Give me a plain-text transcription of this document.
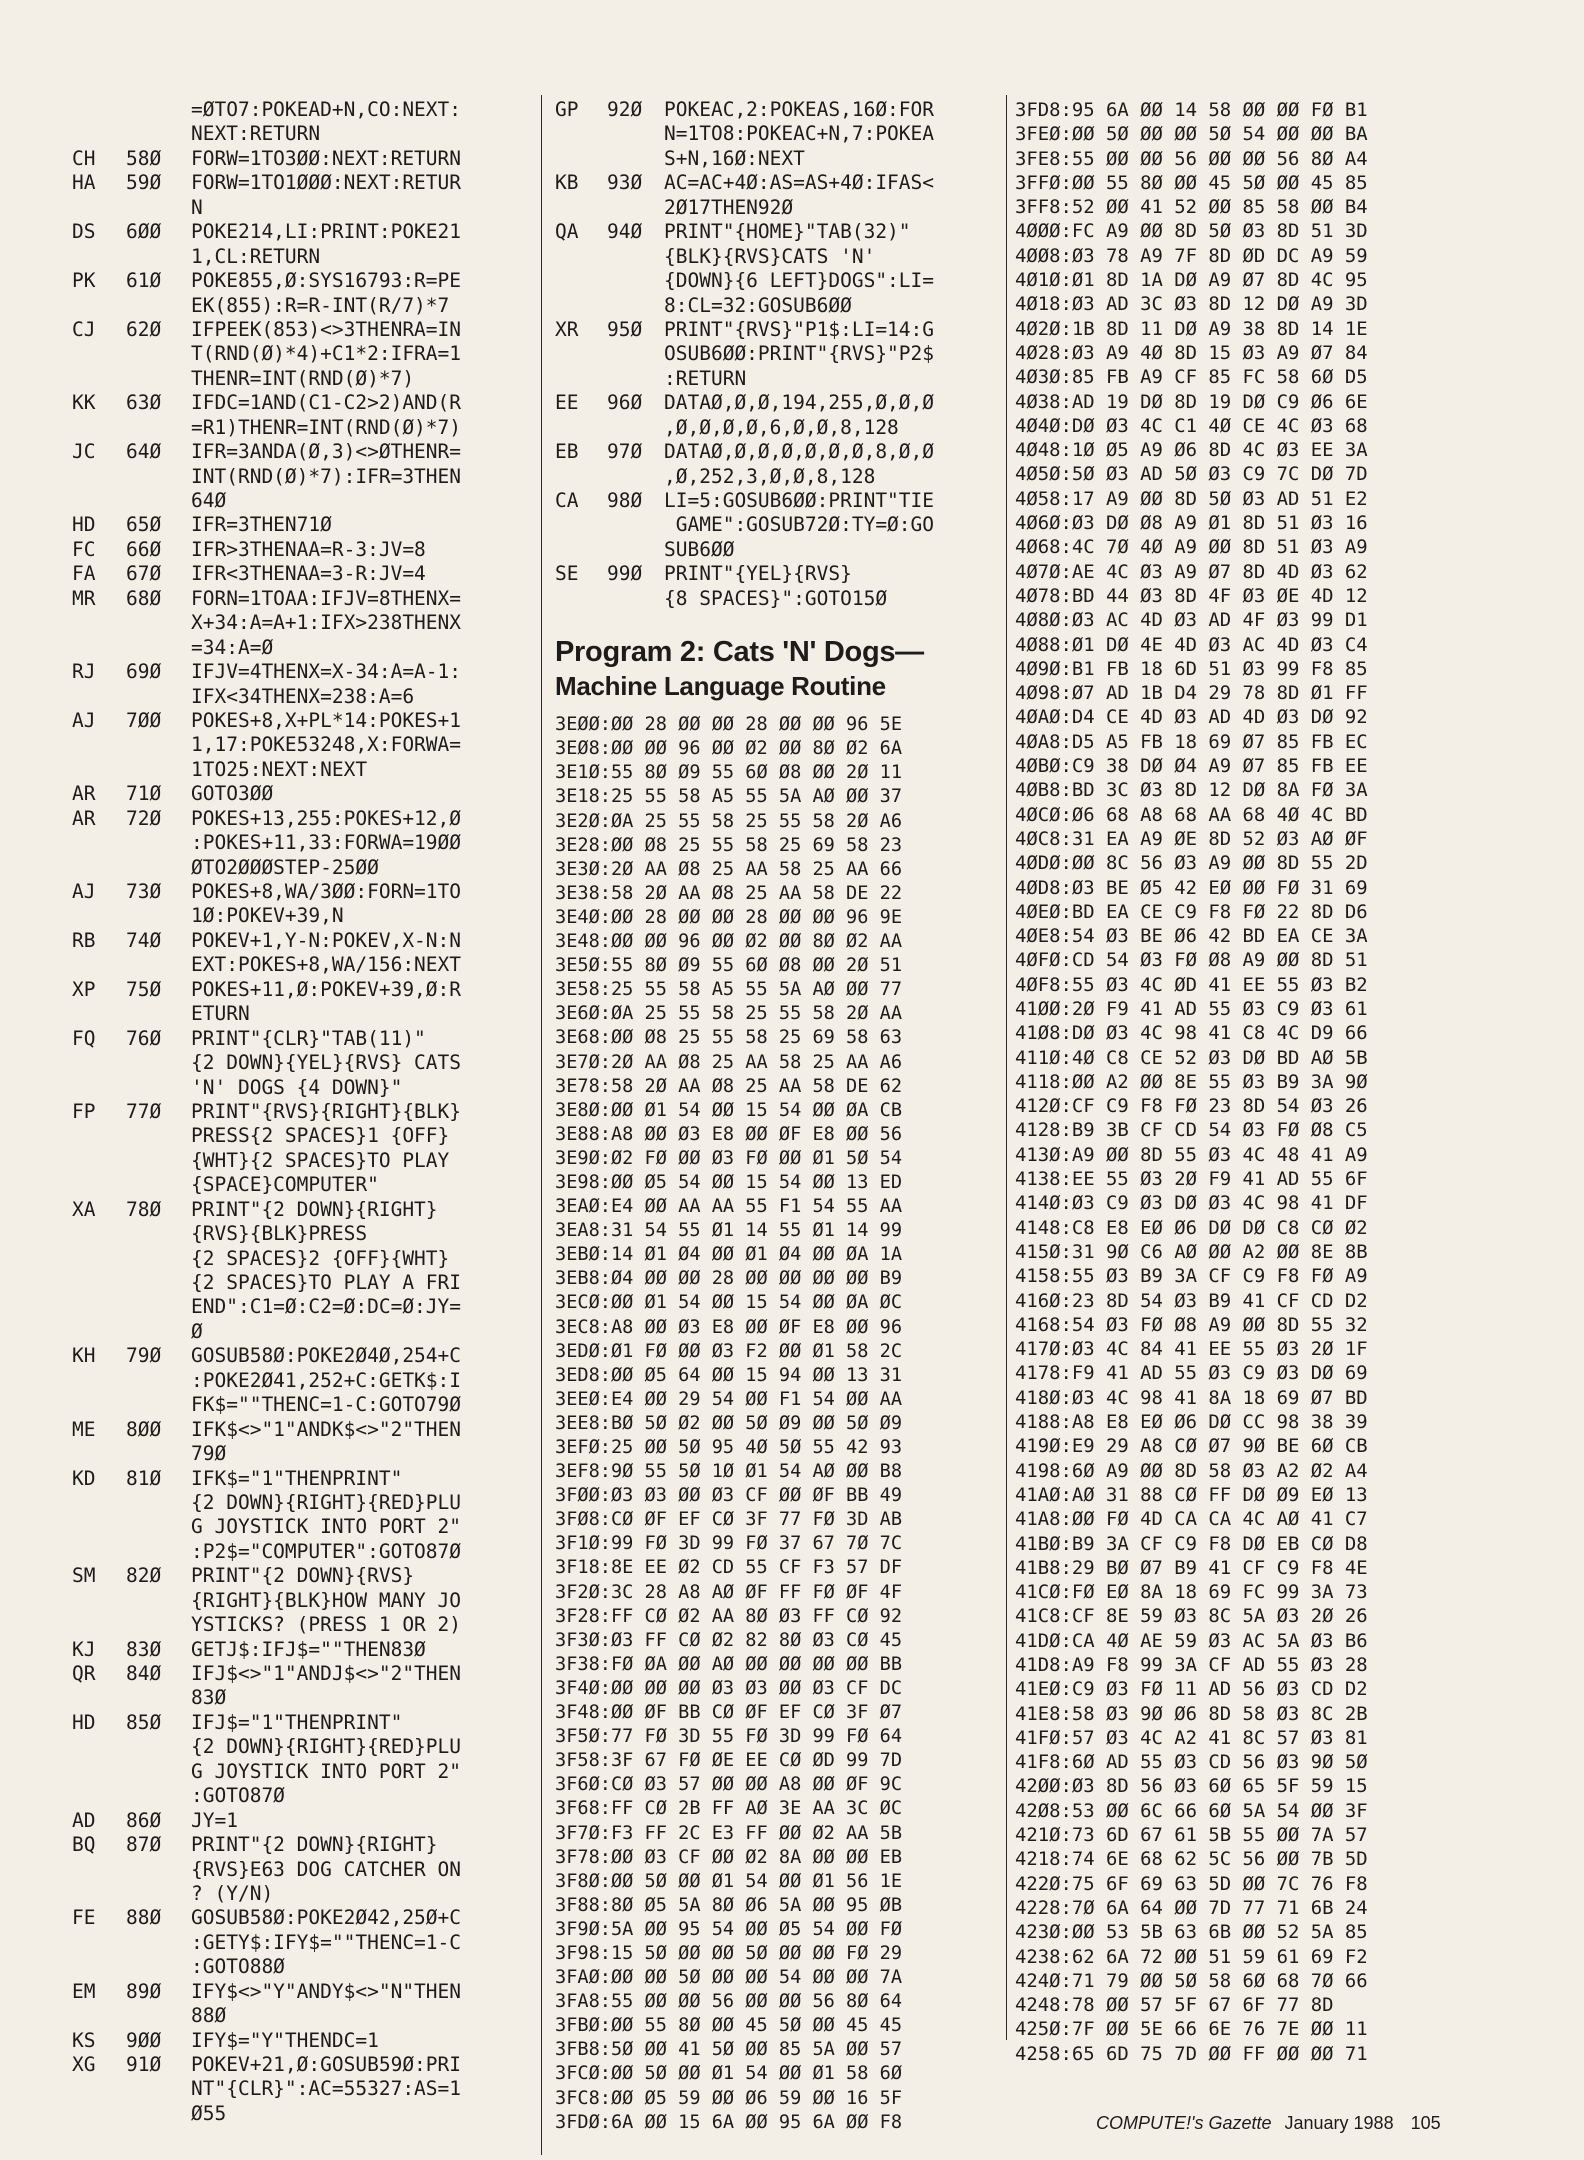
=ØTO7:POKEAD+N,CO:NEXT:
NEXT:RETURN
CH 58Ø FORW=1TO3ØØ:NEXT:RETURN
HA 59Ø FORW=1TO1ØØØ:NEXT:RETUR
N
DS 6ØØ POKE214,LI:PRINT:POKE21
1,CL:RETURN
PK 61Ø POKE855,Ø:SYS16793:R=PE
EK(855):R=R-INT(R/7)*7
CJ 62Ø IFPEEK(853)<>3THENRA=IN
T(RND(Ø)*4)+C1*2:IFRA=1
THENR=INT(RND(Ø)*7)
KK 63Ø IFDC=1AND(C1-C2>2)AND(R
=R1)THENR=INT(RND(Ø)*7)
JC 64Ø IFR=3ANDA(Ø,3)<>ØTHENR=
INT(RND(Ø)*7):IFR=3THEN
64Ø
HD 65Ø IFR=3THEN71Ø
FC 66Ø IFR>3THENAA=R-3:JV=8
FA 67Ø IFR<3THENAA=3-R:JV=4
MR 68Ø FORN=1TOAA:IFJV=8THENX=
X+34:A=A+1:IFX>238THENX
=34:A=Ø
RJ 69Ø IFJV=4THENX=X-34:A=A-1:
IFX<34THENX=238:A=6
AJ 7ØØ POKES+8,X+PL*14:POKES+1
1,17:POKE53248,X:FORWA=
1TO25:NEXT:NEXT
AR 71Ø GOTO3ØØ
AR 72Ø POKES+13,255:POKES+12,Ø
:POKES+11,33:FORWA=19ØØ
ØTO2ØØØSTEP-25ØØ
AJ 73Ø POKES+8,WA/3ØØ:FORN=1TO
1Ø:POKEV+39,N
RB 74Ø POKEV+1,Y-N:POKEV,X-N:N
EXT:POKES+8,WA/156:NEXT
XP 75Ø POKES+11,Ø:POKEV+39,Ø:R
ETURN
FQ 76Ø PRINT"{CLR}"TAB(11)"
{2 DOWN}{YEL}{RVS} CATS
'N' DOGS {4 DOWN}"
FP 77Ø PRINT"{RVS}{RIGHT}{BLK}
PRESS{2 SPACES}1 {OFF}
{WHT}{2 SPACES}TO PLAY
{SPACE}COMPUTER"
XA 78Ø PRINT"{2 DOWN}{RIGHT}
{RVS}{BLK}PRESS
{2 SPACES}2 {OFF}{WHT}
{2 SPACES}TO PLAY A FRI
END":C1=Ø:C2=Ø:DC=Ø:JY=
Ø
KH 79Ø GOSUB58Ø:POKE2Ø4Ø,254+C
:POKE2Ø41,252+C:GETK$:I
FK$=""THENC=1-C:GOTO79Ø
ME 8ØØ IFK$<>"1"ANDK$<>"2"THEN
79Ø
KD 81Ø IFK$="1"THENPRINT"
{2 DOWN}{RIGHT}{RED}PLU
G JOYSTICK INTO PORT 2"
:P2$="COMPUTER":GOTO87Ø
SM 82Ø PRINT"{2 DOWN}{RVS}
{RIGHT}{BLK}HOW MANY JO
YSTICKS? (PRESS 1 OR 2)
KJ 83Ø GETJ$:IFJ$=""THEN83Ø
QR 84Ø IFJ$<>"1"ANDJ$<>"2"THEN
83Ø
HD 85Ø IFJ$="1"THENPRINT"
{2 DOWN}{RIGHT}{RED}PLU
G JOYSTICK INTO PORT 2"
:GOTO87Ø
AD 86Ø JY=1
BQ 87Ø PRINT"{2 DOWN}{RIGHT}
{RVS}E63 DOG CATCHER ON
? (Y/N)
FE 88Ø GOSUB58Ø:POKE2Ø42,25Ø+C
:GETY$:IFY$=""THENC=1-C
:GOTO88Ø
EM 89Ø IFY$<>"Y"ANDY$<>"N"THEN
88Ø
KS 9ØØ IFY$="Y"THENDC=1
XG 91Ø POKEV+21,Ø:GOSUB59Ø:PRI
NT"{CLR}":AC=55327:AS=1
Ø55
GP 92Ø POKEAC,2:POKEAS,16Ø:FOR
N=1TO8:POKEAC+N,7:POKEA
S+N,16Ø:NEXT
KB 93Ø AC=AC+4Ø:AS=AS+4Ø:IFAS<
2Ø17THEN92Ø
QA 94Ø PRINT"{HOME}"TAB(32)"
{BLK}{RVS}CATS 'N'
{DOWN}{6 LEFT}DOGS":LI=
8:CL=32:GOSUB6ØØ
XR 95Ø PRINT"{RVS}"P1$:LI=14:G
OSUB6ØØ:PRINT"{RVS}"P2$
:RETURN
EE 96Ø DATAØ,Ø,Ø,194,255,Ø,Ø,Ø
,Ø,Ø,Ø,Ø,6,Ø,Ø,8,128
EB 97Ø DATAØ,Ø,Ø,Ø,Ø,Ø,Ø,8,Ø,Ø
,Ø,252,3,Ø,Ø,8,128
CA 98Ø LI=5:GOSUB6ØØ:PRINT"TIE
GAME":GOSUB72Ø:TY=Ø:GO
SUB6ØØ
SE 99Ø PRINT"{YEL}{RVS}
{8 SPACES}":GOTO15Ø
Program 2: Cats 'N' Dogs—
Machine Language Routine
3EØØ:ØØ 28 ØØ ØØ 28 ØØ ØØ 96 5E
3EØ8:ØØ ØØ 96 ØØ Ø2 ØØ 8Ø Ø2 6A
3E1Ø:55 8Ø Ø9 55 6Ø Ø8 ØØ 2Ø 11
3E18:25 55 58 A5 55 5A AØ ØØ 37
3E2Ø:ØA 25 55 58 25 55 58 2Ø A6
3E28:ØØ Ø8 25 55 58 25 69 58 23
3E3Ø:2Ø AA Ø8 25 AA 58 25 AA 66
3E38:58 2Ø AA Ø8 25 AA 58 DE 22
3E4Ø:ØØ 28 ØØ ØØ 28 ØØ ØØ 96 9E
3E48:ØØ ØØ 96 ØØ Ø2 ØØ 8Ø Ø2 AA
3E5Ø:55 8Ø Ø9 55 6Ø Ø8 ØØ 2Ø 51
3E58:25 55 58 A5 55 5A AØ ØØ 77
3E6Ø:ØA 25 55 58 25 55 58 2Ø AA
3E68:ØØ Ø8 25 55 58 25 69 58 63
3E7Ø:2Ø AA Ø8 25 AA 58 25 AA A6
3E78:58 2Ø AA Ø8 25 AA 58 DE 62
3E8Ø:ØØ Ø1 54 ØØ 15 54 ØØ ØA CB
3E88:A8 ØØ Ø3 E8 ØØ ØF E8 ØØ 56
3E9Ø:Ø2 FØ ØØ Ø3 FØ ØØ Ø1 5Ø 54
3E98:ØØ Ø5 54 ØØ 15 54 ØØ 13 ED
3EAØ:E4 ØØ AA AA 55 F1 54 55 AA
3EA8:31 54 55 Ø1 14 55 Ø1 14 99
3EBØ:14 Ø1 Ø4 ØØ Ø1 Ø4 ØØ ØA 1A
3EB8:Ø4 ØØ ØØ 28 ØØ ØØ ØØ ØØ B9
3ECØ:ØØ Ø1 54 ØØ 15 54 ØØ ØA ØC
3EC8:A8 ØØ Ø3 E8 ØØ ØF E8 ØØ 96
3EDØ:Ø1 FØ ØØ Ø3 F2 ØØ Ø1 58 2C
3ED8:ØØ Ø5 64 ØØ 15 94 ØØ 13 31
3EEØ:E4 ØØ 29 54 ØØ F1 54 ØØ AA
3EE8:BØ 5Ø Ø2 ØØ 5Ø Ø9 ØØ 5Ø Ø9
3EFØ:25 ØØ 5Ø 95 4Ø 5Ø 55 42 93
3EF8:9Ø 55 5Ø 1Ø Ø1 54 AØ ØØ B8
3FØØ:Ø3 Ø3 ØØ Ø3 CF ØØ ØF BB 49
3FØ8:CØ ØF EF CØ 3F 77 FØ 3D AB
3F1Ø:99 FØ 3D 99 FØ 37 67 7Ø 7C
3F18:8E EE Ø2 CD 55 CF F3 57 DF
3F2Ø:3C 28 A8 AØ ØF FF FØ ØF 4F
3F28:FF CØ Ø2 AA 8Ø Ø3 FF CØ 92
3F3Ø:Ø3 FF CØ Ø2 82 8Ø Ø3 CØ 45
3F38:FØ ØA ØØ AØ ØØ ØØ ØØ ØØ BB
3F4Ø:ØØ ØØ ØØ Ø3 Ø3 ØØ Ø3 CF DC
3F48:ØØ ØF BB CØ ØF EF CØ 3F Ø7
3F5Ø:77 FØ 3D 55 FØ 3D 99 FØ 64
3F58:3F 67 FØ ØE EE CØ ØD 99 7D
3F6Ø:CØ Ø3 57 ØØ ØØ A8 ØØ ØF 9C
3F68:FF CØ 2B FF AØ 3E AA 3C ØC
3F7Ø:F3 FF 2C E3 FF ØØ Ø2 AA 5B
3F78:ØØ Ø3 CF ØØ Ø2 8A ØØ ØØ EB
3F8Ø:ØØ 5Ø ØØ Ø1 54 ØØ Ø1 56 1E
3F88:8Ø Ø5 5A 8Ø Ø6 5A ØØ 95 ØB
3F9Ø:5A ØØ 95 54 ØØ Ø5 54 ØØ FØ
3F98:15 5Ø ØØ ØØ 5Ø ØØ ØØ FØ 29
3FAØ:ØØ ØØ 5Ø ØØ ØØ 54 ØØ ØØ 7A
3FA8:55 ØØ ØØ 56 ØØ ØØ 56 8Ø 64
3FBØ:ØØ 55 8Ø ØØ 45 5Ø ØØ 45 45
3FB8:5Ø ØØ 41 5Ø ØØ 85 5A ØØ 57
3FCØ:ØØ 5Ø ØØ Ø1 54 ØØ Ø1 58 6Ø
3FC8:ØØ Ø5 59 ØØ Ø6 59 ØØ 16 5F
3FDØ:6A ØØ 15 6A ØØ 95 6A ØØ F8
3FD8:95 6A ØØ 14 58 ØØ ØØ FØ B1
3FEØ:ØØ 5Ø ØØ ØØ 5Ø 54 ØØ ØØ BA
3FE8:55 ØØ ØØ 56 ØØ ØØ 56 8Ø A4
3FFØ:ØØ 55 8Ø ØØ 45 5Ø ØØ 45 85
3FF8:52 ØØ 41 52 ØØ 85 58 ØØ B4
4ØØØ:FC A9 ØØ 8D 5Ø Ø3 8D 51 3D
4ØØ8:Ø3 78 A9 7F 8D ØD DC A9 59
4Ø1Ø:Ø1 8D 1A DØ A9 Ø7 8D 4C 95
4Ø18:Ø3 AD 3C Ø3 8D 12 DØ A9 3D
4Ø2Ø:1B 8D 11 DØ A9 38 8D 14 1E
4Ø28:Ø3 A9 4Ø 8D 15 Ø3 A9 Ø7 84
4Ø3Ø:85 FB A9 CF 85 FC 58 6Ø D5
4Ø38:AD 19 DØ 8D 19 DØ C9 Ø6 6E
4Ø4Ø:DØ Ø3 4C C1 4Ø CE 4C Ø3 68
4Ø48:1Ø Ø5 A9 Ø6 8D 4C Ø3 EE 3A
4Ø5Ø:5Ø Ø3 AD 5Ø Ø3 C9 7C DØ 7D
4Ø58:17 A9 ØØ 8D 5Ø Ø3 AD 51 E2
4Ø6Ø:Ø3 DØ Ø8 A9 Ø1 8D 51 Ø3 16
4Ø68:4C 7Ø 4Ø A9 ØØ 8D 51 Ø3 A9
4Ø7Ø:AE 4C Ø3 A9 Ø7 8D 4D Ø3 62
4Ø78:BD 44 Ø3 8D 4F Ø3 ØE 4D 12
4Ø8Ø:Ø3 AC 4D Ø3 AD 4F Ø3 99 D1
4Ø88:Ø1 DØ 4E 4D Ø3 AC 4D Ø3 C4
4Ø9Ø:B1 FB 18 6D 51 Ø3 99 F8 85
4Ø98:Ø7 AD 1B D4 29 78 8D Ø1 FF
4ØAØ:D4 CE 4D Ø3 AD 4D Ø3 DØ 92
4ØA8:D5 A5 FB 18 69 Ø7 85 FB EC
4ØBØ:C9 38 DØ Ø4 A9 Ø7 85 FB EE
4ØB8:BD 3C Ø3 8D 12 DØ 8A FØ 3A
4ØCØ:Ø6 68 A8 68 AA 68 4Ø 4C BD
4ØC8:31 EA A9 ØE 8D 52 Ø3 AØ ØF
4ØDØ:ØØ 8C 56 Ø3 A9 ØØ 8D 55 2D
4ØD8:Ø3 BE Ø5 42 EØ ØØ FØ 31 69
4ØEØ:BD EA CE C9 F8 FØ 22 8D D6
4ØE8:54 Ø3 BE Ø6 42 BD EA CE 3A
4ØFØ:CD 54 Ø3 FØ Ø8 A9 ØØ 8D 51
4ØF8:55 Ø3 4C ØD 41 EE 55 Ø3 B2
41ØØ:2Ø F9 41 AD 55 Ø3 C9 Ø3 61
41Ø8:DØ Ø3 4C 98 41 C8 4C D9 66
411Ø:4Ø C8 CE 52 Ø3 DØ BD AØ 5B
4118:ØØ A2 ØØ 8E 55 Ø3 B9 3A 9Ø
412Ø:CF C9 F8 FØ 23 8D 54 Ø3 26
4128:B9 3B CF CD 54 Ø3 FØ Ø8 C5
413Ø:A9 ØØ 8D 55 Ø3 4C 48 41 A9
4138:EE 55 Ø3 2Ø F9 41 AD 55 6F
414Ø:Ø3 C9 Ø3 DØ Ø3 4C 98 41 DF
4148:C8 E8 EØ Ø6 DØ DØ C8 CØ Ø2
415Ø:31 9Ø C6 AØ ØØ A2 ØØ 8E 8B
4158:55 Ø3 B9 3A CF C9 F8 FØ A9
416Ø:23 8D 54 Ø3 B9 41 CF CD D2
4168:54 Ø3 FØ Ø8 A9 ØØ 8D 55 32
417Ø:Ø3 4C 84 41 EE 55 Ø3 2Ø 1F
4178:F9 41 AD 55 Ø3 C9 Ø3 DØ 69
418Ø:Ø3 4C 98 41 8A 18 69 Ø7 BD
4188:A8 E8 EØ Ø6 DØ CC 98 38 39
419Ø:E9 29 A8 CØ Ø7 9Ø BE 6Ø CB
4198:6Ø A9 ØØ 8D 58 Ø3 A2 Ø2 A4
41AØ:AØ 31 88 CØ FF DØ Ø9 EØ 13
41A8:ØØ FØ 4D CA CA 4C AØ 41 C7
41BØ:B9 3A CF C9 F8 DØ EB CØ D8
41B8:29 BØ Ø7 B9 41 CF C9 F8 4E
41CØ:FØ EØ 8A 18 69 FC 99 3A 73
41C8:CF 8E 59 Ø3 8C 5A Ø3 2Ø 26
41DØ:CA 4Ø AE 59 Ø3 AC 5A Ø3 B6
41D8:A9 F8 99 3A CF AD 55 Ø3 28
41EØ:C9 Ø3 FØ 11 AD 56 Ø3 CD D2
41E8:58 Ø3 9Ø Ø6 8D 58 Ø3 8C 2B
41FØ:57 Ø3 4C A2 41 8C 57 Ø3 81
41F8:6Ø AD 55 Ø3 CD 56 Ø3 9Ø 5Ø
42ØØ:Ø3 8D 56 Ø3 6Ø 65 5F 59 15
42Ø8:53 ØØ 6C 66 6Ø 5A 54 ØØ 3F
421Ø:73 6D 67 61 5B 55 ØØ 7A 57
4218:74 6E 68 62 5C 56 ØØ 7B 5D
422Ø:75 6F 69 63 5D ØØ 7C 76 F8
4228:7Ø 6A 64 ØØ 7D 77 71 6B 24
423Ø:ØØ 53 5B 63 6B ØØ 52 5A 85
4238:62 6A 72 ØØ 51 59 61 69 F2
424Ø:71 79 ØØ 5Ø 58 6Ø 68 7Ø 66
4248:78 ØØ 57 5F 67 6F 77 8D
425Ø:7F ØØ 5E 66 6E 76 7E ØØ 11
4258:65 6D 75 7D ØØ FF ØØ ØØ 71
COMPUTE!'s Gazette January 1988 105
